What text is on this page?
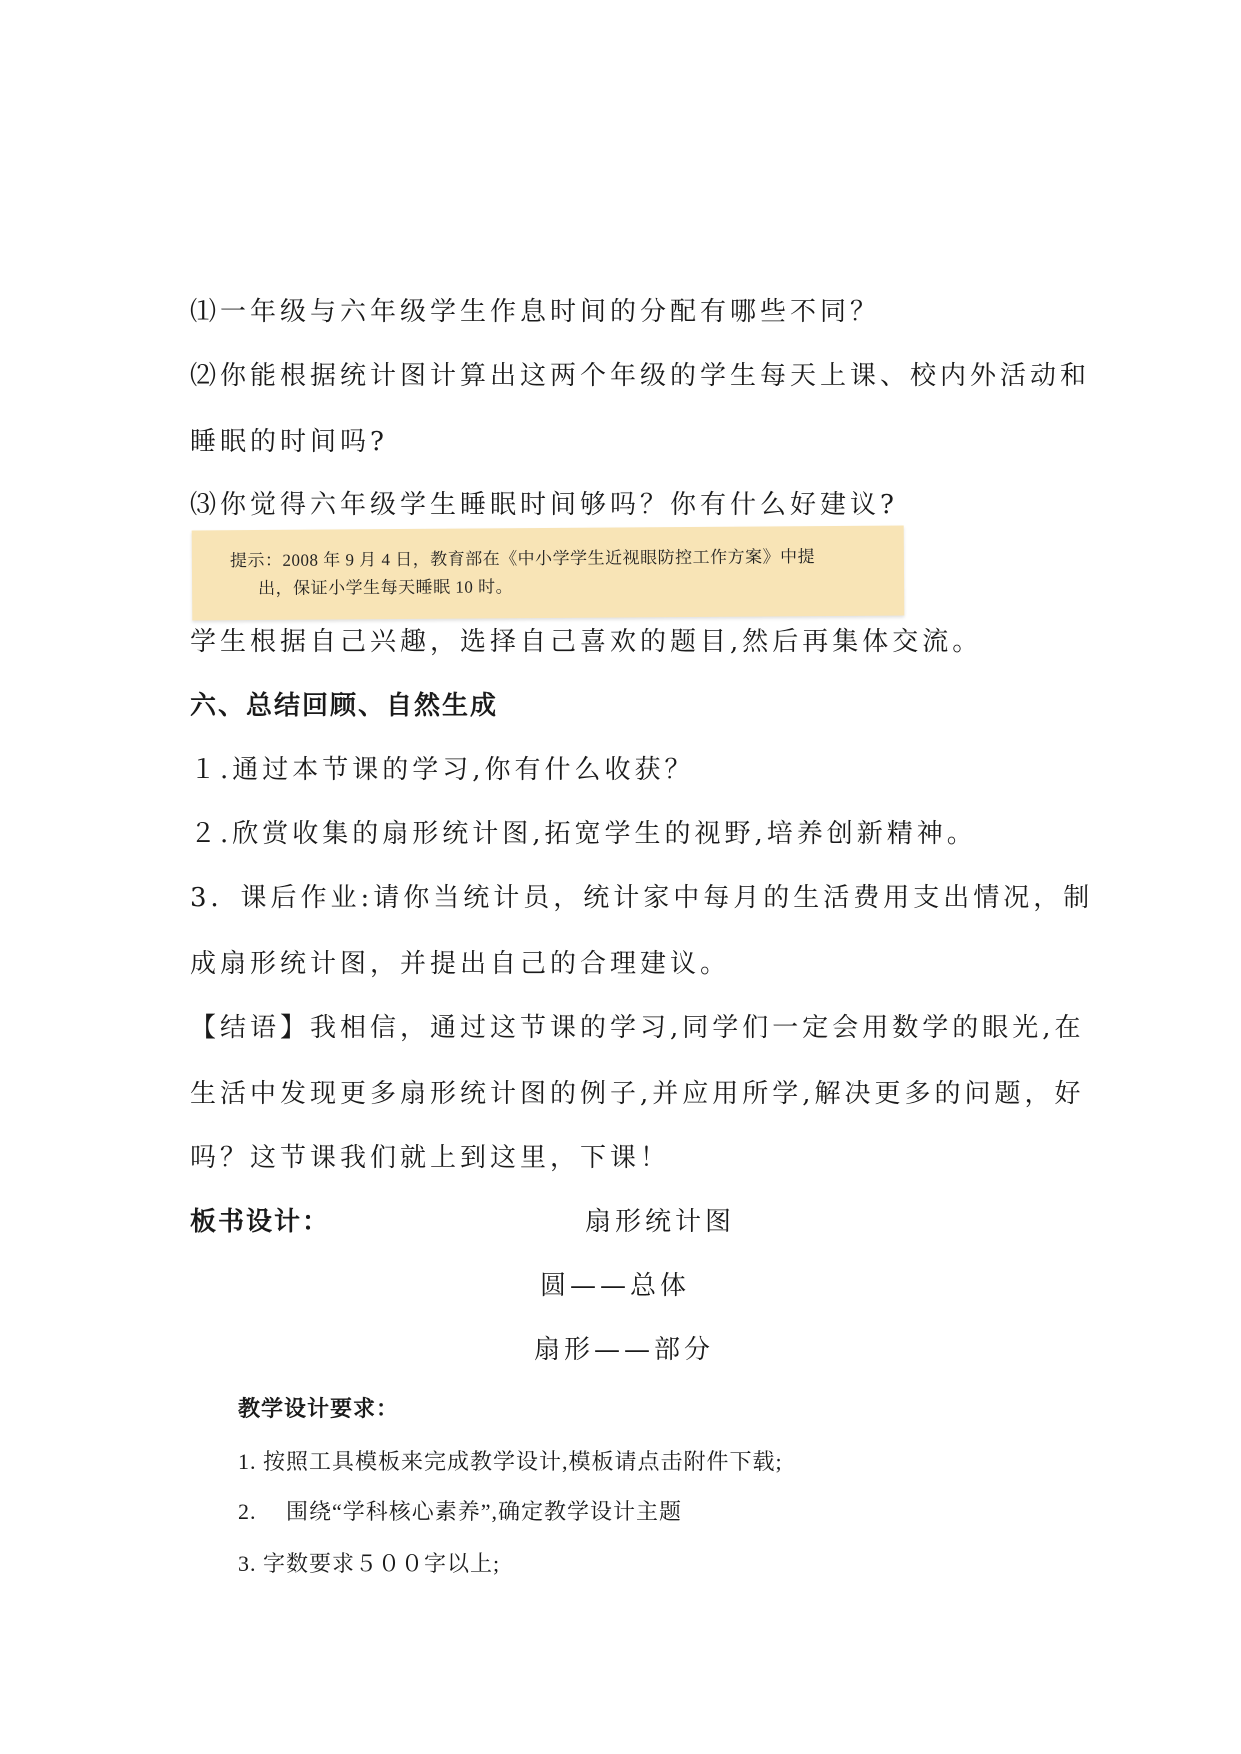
⑴一年级与六年级学生作息时间的分配有哪些不同？
⑵你能根据统计图计算出这两个年级的学生每天上课、校内外活动和
睡眠的时间吗?
⑶你觉得六年级学生睡眠时间够吗？你有什么好建议?
提示：2008 年 9 月 4 日，教育部在《中小学学生近视眼防控工作方案》中提
出，保证小学生每天睡眠 10 时。
学生根据自己兴趣，选择自己喜欢的题目,然后再集体交流。
六、总结回顾、自然生成
１.通过本节课的学习,你有什么收获？
２.欣赏收集的扇形统计图,拓宽学生的视野,培养创新精神。
3．课后作业:请你当统计员，统计家中每月的生活费用支出情况，制
成扇形统计图，并提出自己的合理建议。
【结语】我相信，通过这节课的学习,同学们一定会用数学的眼光,在
生活中发现更多扇形统计图的例子,并应用所学,解决更多的问题，好
吗？这节课我们就上到这里，下课！
板书设计：	扇形统计图
圆——总体
扇形——部分
教学设计要求：
1. 按照工具模板来完成教学设计,模板请点击附件下载;
2.　 围绕“学科核心素养”,确定教学设计主题
3. 字数要求５００字以上;
